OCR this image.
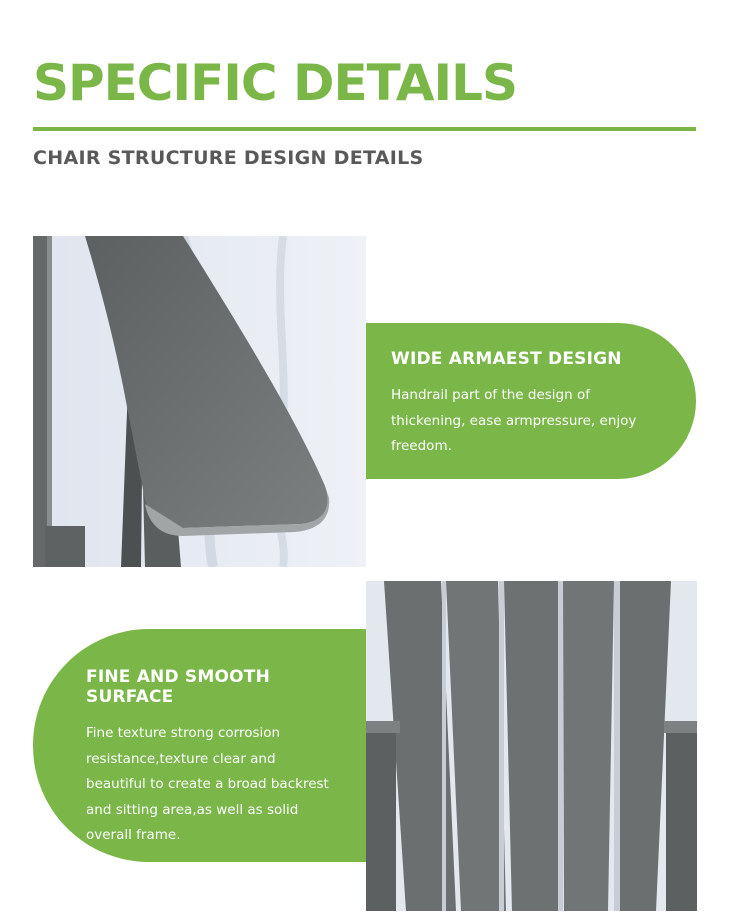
SPECIFIC DETAILS
CHAIR STRUCTURE DESIGN DETAILS
WIDE ARMAEST DESIGN

Handrail part of the design of
thickening, ease armpressure, enjoy
freedom.

FINE AND SMOOTH SURFACE

Fine texture strong corrosion
resistance,texture clear and
beautiful to create a broad backrest
and sitting area,as well as solid
overall frame.
